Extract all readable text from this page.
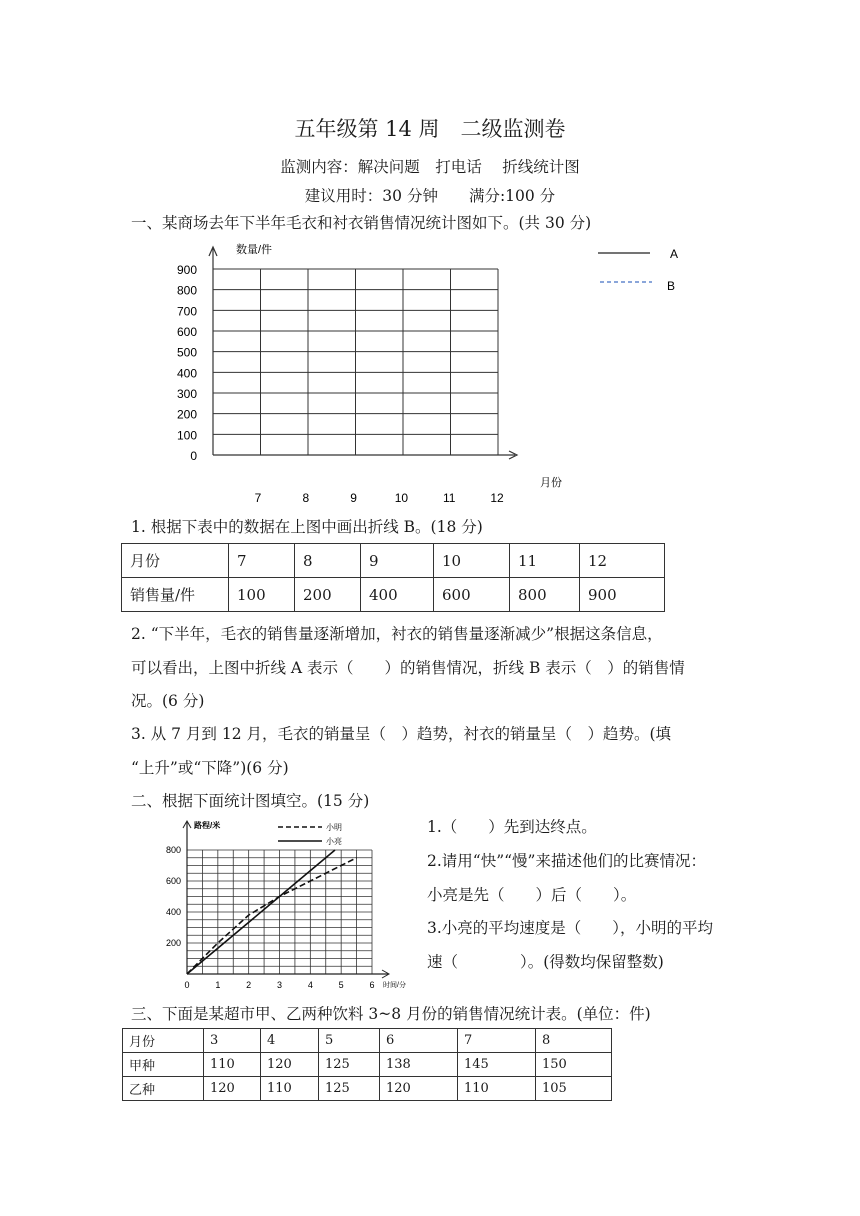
五年级第 14 周　二级监测卷
监测内容：解决问题　打电话　 折线统计图
建议用时：30 分钟　　满分:100 分
一、某商场去年下半年毛衣和衬衣销售情况统计图如下。(共 30 分)
数量/件
月份
0
100
200
300
400
500
600
700
800
900
7	8	9	10	11	12
A
B
1. 根据下表中的数据在上图中画出折线 B。(18 分)
月份	7	8	9	10	11	12
销售量/件	100	200	400	600	800	900
2. “下半年，毛衣的销售量逐渐增加，衬衣的销售量逐渐减少”根据这条信息，
可以看出，上图中折线 A 表示（　　）的销售情况，折线 B 表示（　）的销售情
况。(6 分)
3. 从 7 月到 12 月，毛衣的销量呈（　）趋势，衬衣的销量呈（　）趋势。(填
“上升”或“下降”)(6 分)
二、根据下面统计图填空。(15 分)
路程/米
时间/分
200
400
600
800
0	1	2	3	4	5	6
小明
小亮
1.（　　）先到达终点。
2.请用“快”“慢”来描述他们的比赛情况：
小亮是先（　　）后（　　）。
3.小亮的平均速度是（　　），小明的平均
速（　　　　）。(得数均保留整数)
三、下面是某超市甲、乙两种饮料 3~8 月份的销售情况统计表。(单位：件)
月份	3	4	5	6	7	8
甲种	110	120	125	138	145	150
乙种	120	110	125	120	110	105
